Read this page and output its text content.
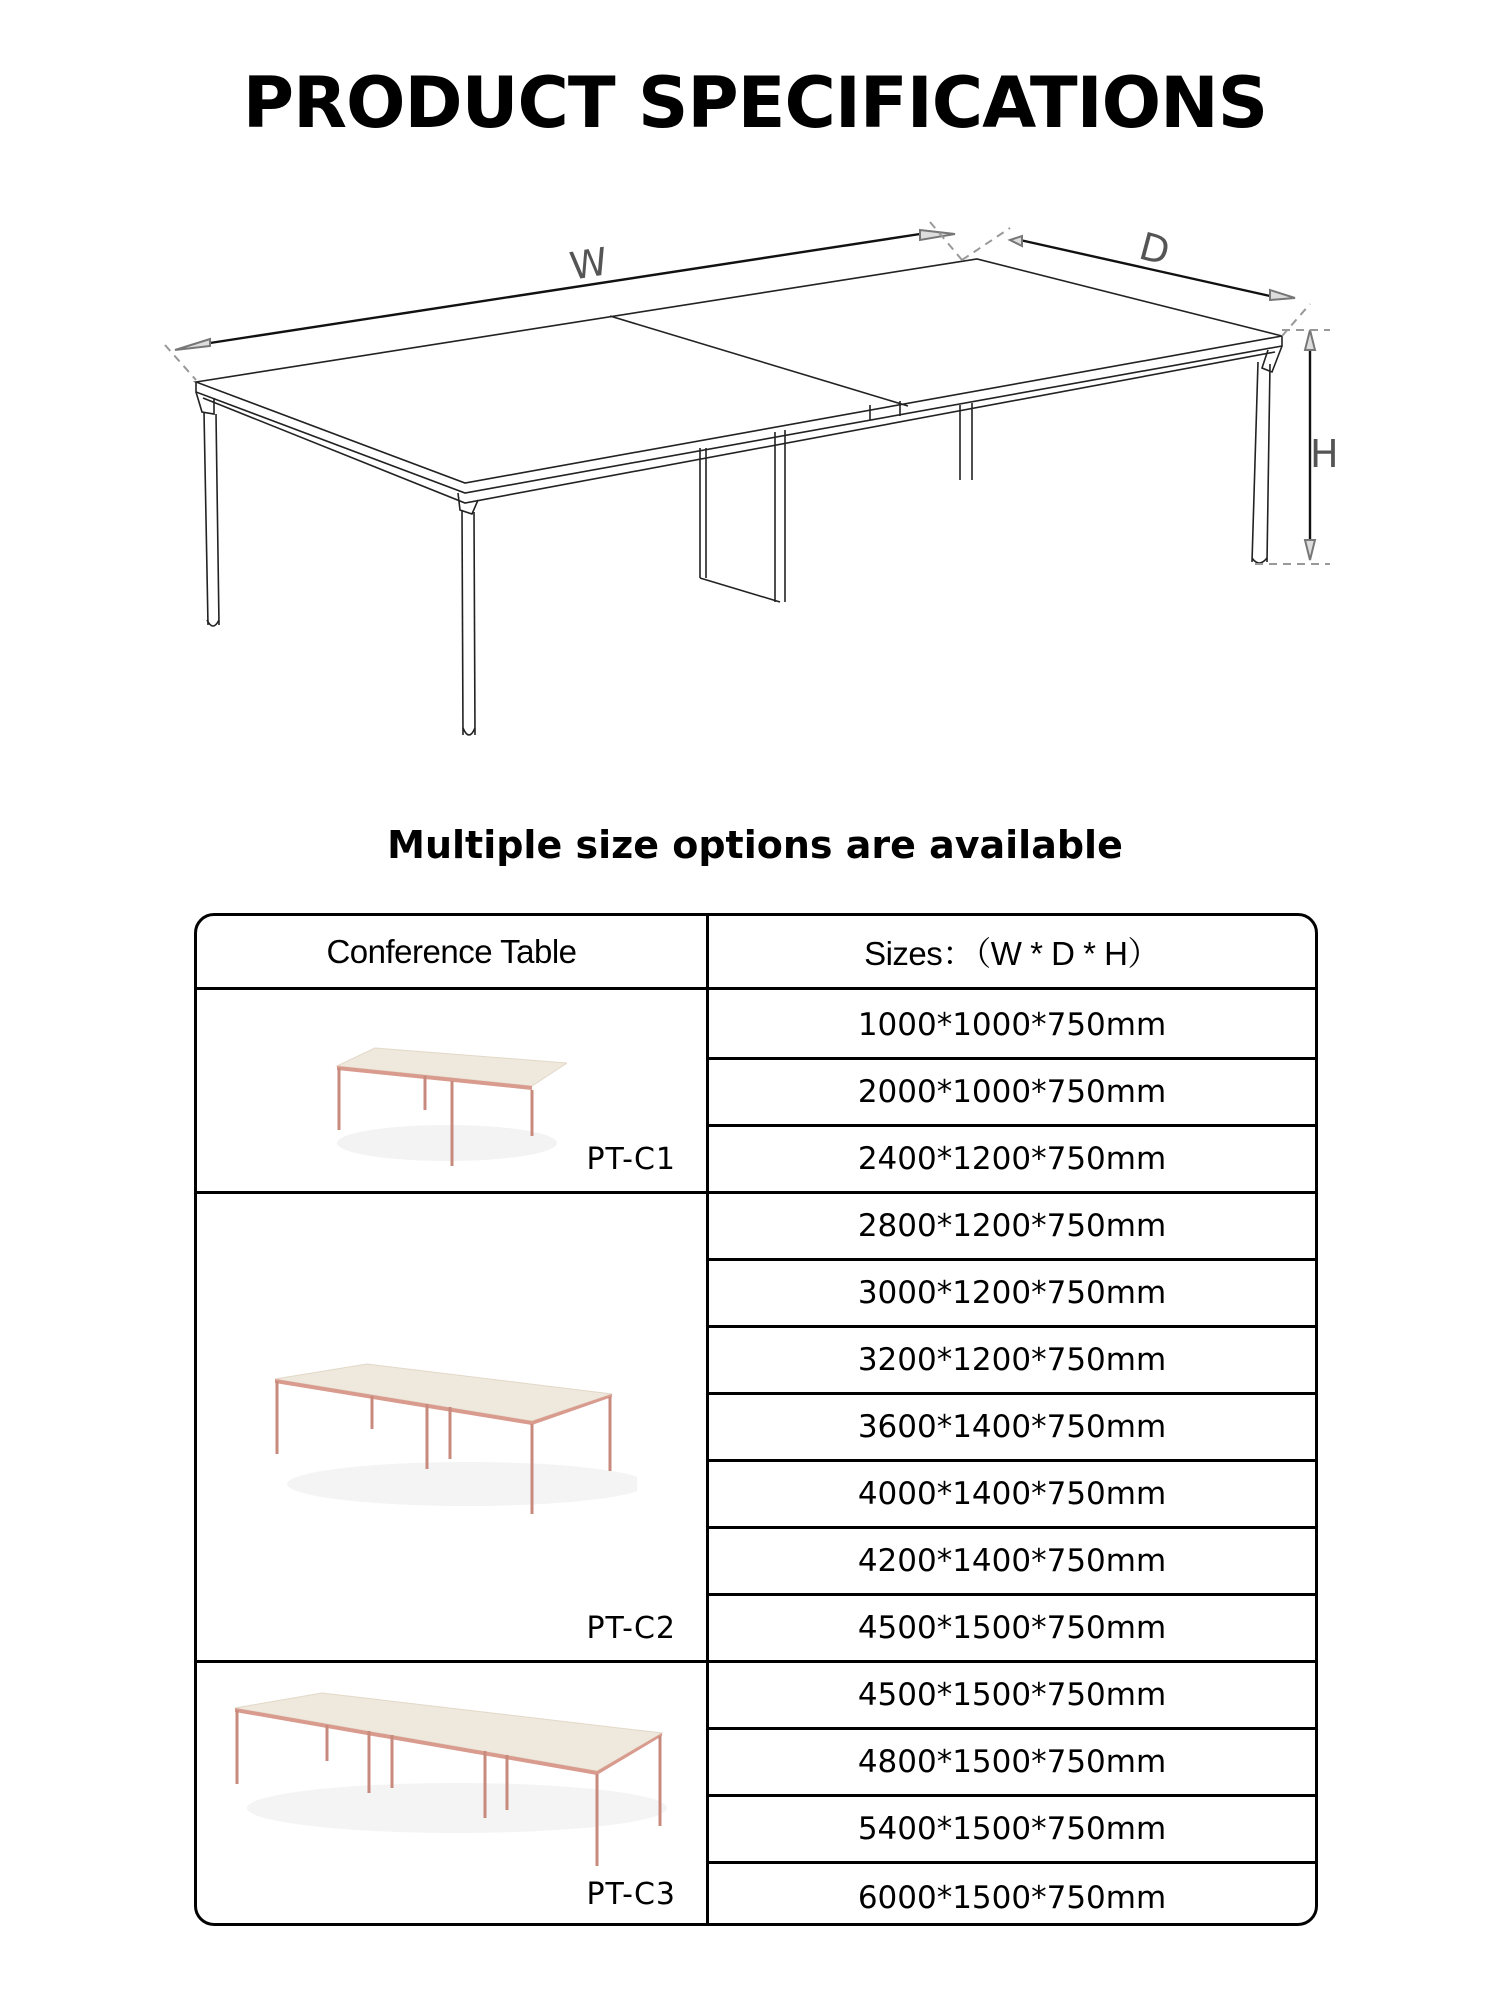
PRODUCT SPECIFICATIONS
W	D
H
Multiple size options are available
Conference Table	Sizes：（W * D * H）
PT-C1
1000*1000*750mm
2000*1000*750mm
2400*1200*750mm
PT-C2
2800*1200*750mm
3000*1200*750mm
3200*1200*750mm
3600*1400*750mm
4000*1400*750mm
4200*1400*750mm
4500*1500*750mm
PT-C3
4500*1500*750mm
4800*1500*750mm
5400*1500*750mm
6000*1500*750mm
